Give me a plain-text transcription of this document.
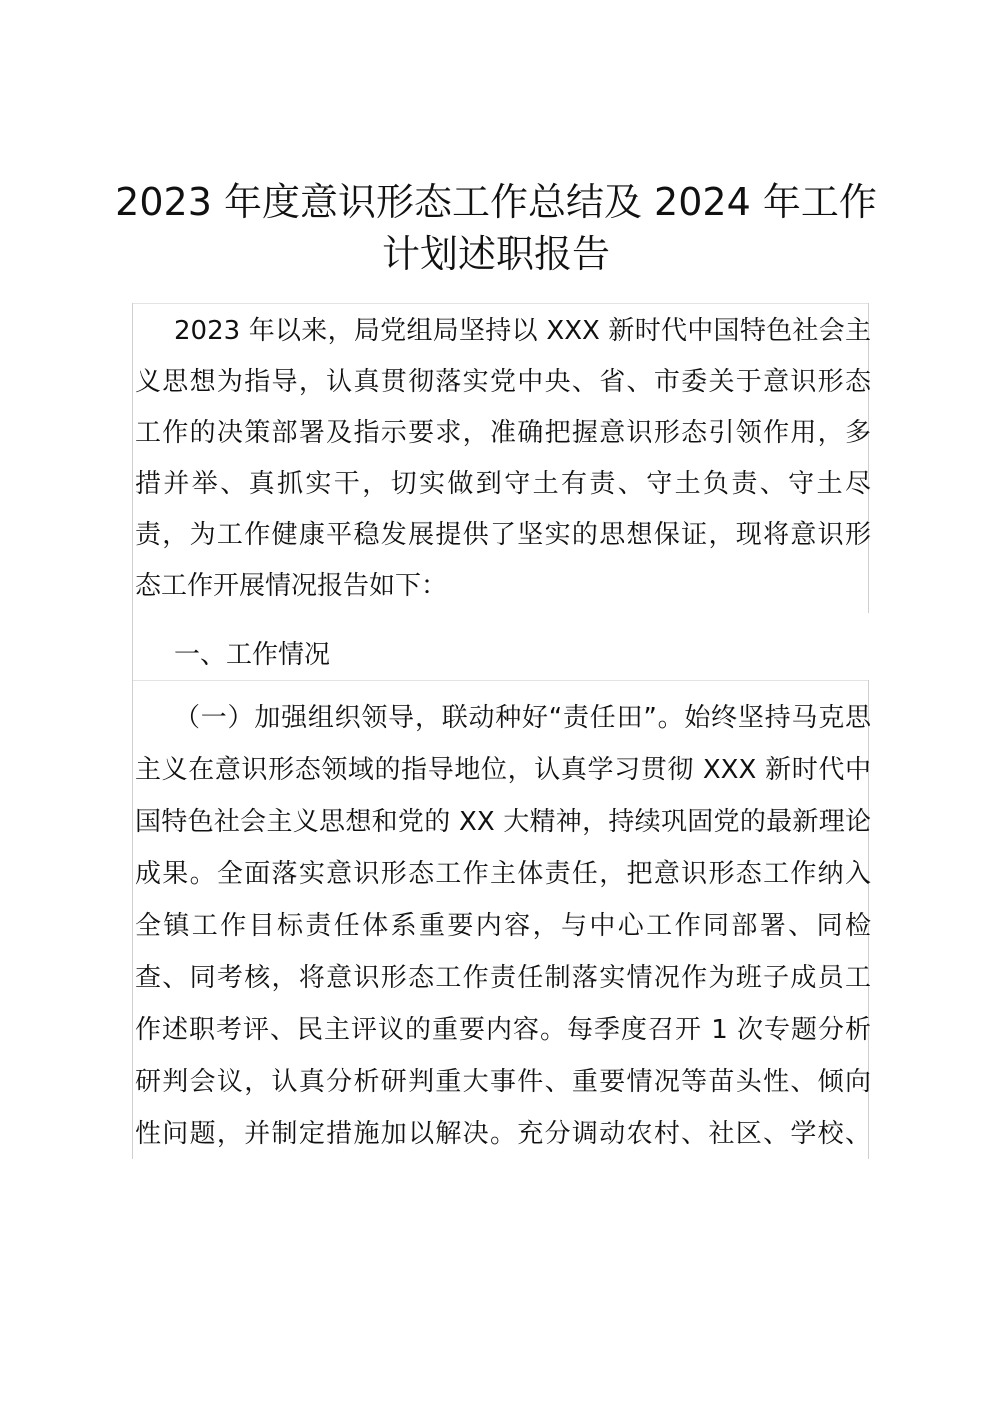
2023 年度意识形态工作总结及 2024 年工作
计划述职报告
2023 年以来，局党组局坚持以 XXX 新时代中国特色社会主
义思想为指导，认真贯彻落实党中央、省、市委关于意识形态
工作的决策部署及指示要求，准确把握意识形态引领作用，多
措并举、真抓实干，切实做到守土有责、守土负责、守土尽
责，为工作健康平稳发展提供了坚实的思想保证，现将意识形
态工作开展情况报告如下：
一、工作情况
（一）加强组织领导，联动种好“责任田”。始终坚持马克思
主义在意识形态领域的指导地位，认真学习贯彻 XXX 新时代中
国特色社会主义思想和党的 XX 大精神，持续巩固党的最新理论
成果。全面落实意识形态工作主体责任，把意识形态工作纳入
全镇工作目标责任体系重要内容，与中心工作同部署、同检
查、同考核，将意识形态工作责任制落实情况作为班子成员工
作述职考评、民主评议的重要内容。每季度召开 1 次专题分析
研判会议，认真分析研判重大事件、重要情况等苗头性、倾向
性问题，并制定措施加以解决。充分调动农村、社区、学校、
